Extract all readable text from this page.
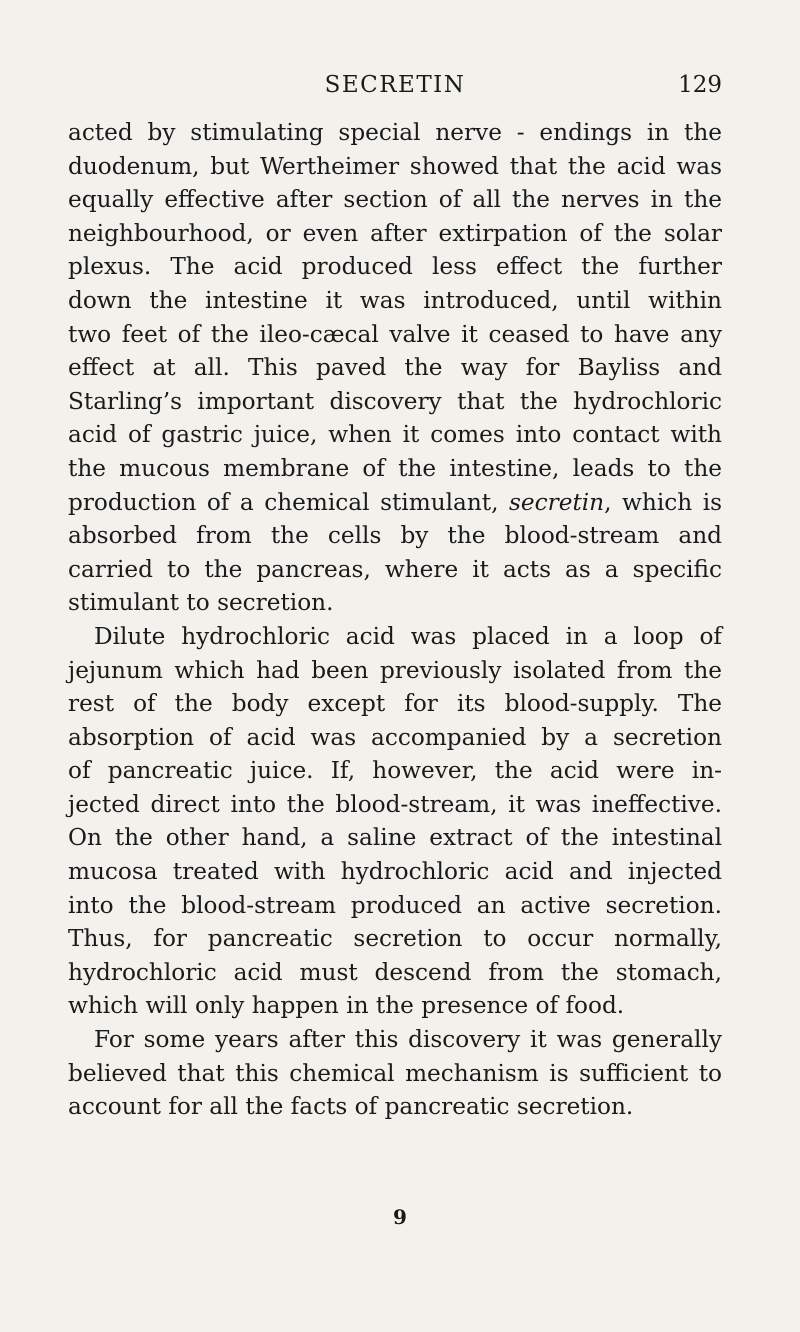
SECRETIN	129
acted by stimulating special nerve - endings in the
duodenum, but Wertheimer showed that the acid was
equally effective after section of all the nerves in the
neighbourhood, or even after extirpation of the solar
plexus. The acid produced less effect the further
down the intestine it was introduced, until within
two feet of the ileo-cæcal valve it ceased to have any
effect at all. This paved the way for Bayliss and
Starling’s important discovery that the hydrochloric
acid of gastric juice, when it comes into contact with
the mucous membrane of the intestine, leads to the
production of a chemical stimulant, secretin, which is
absorbed from the cells by the blood-stream and
carried to the pancreas, where it acts as a specific
stimulant to secretion.
Dilute hydrochloric acid was placed in a loop of
jejunum which had been previously isolated from the
rest of the body except for its blood-supply. The
absorption of acid was accompanied by a secretion
of pancreatic juice. If, however, the acid were in-
jected direct into the blood-stream, it was ineffective.
On the other hand, a saline extract of the intestinal
mucosa treated with hydrochloric acid and injected
into the blood-stream produced an active secretion.
Thus, for pancreatic secretion to occur normally,
hydrochloric acid must descend from the stomach,
which will only happen in the presence of food.
For some years after this discovery it was generally
believed that this chemical mechanism is sufficient to
account for all the facts of pancreatic secretion.
9
